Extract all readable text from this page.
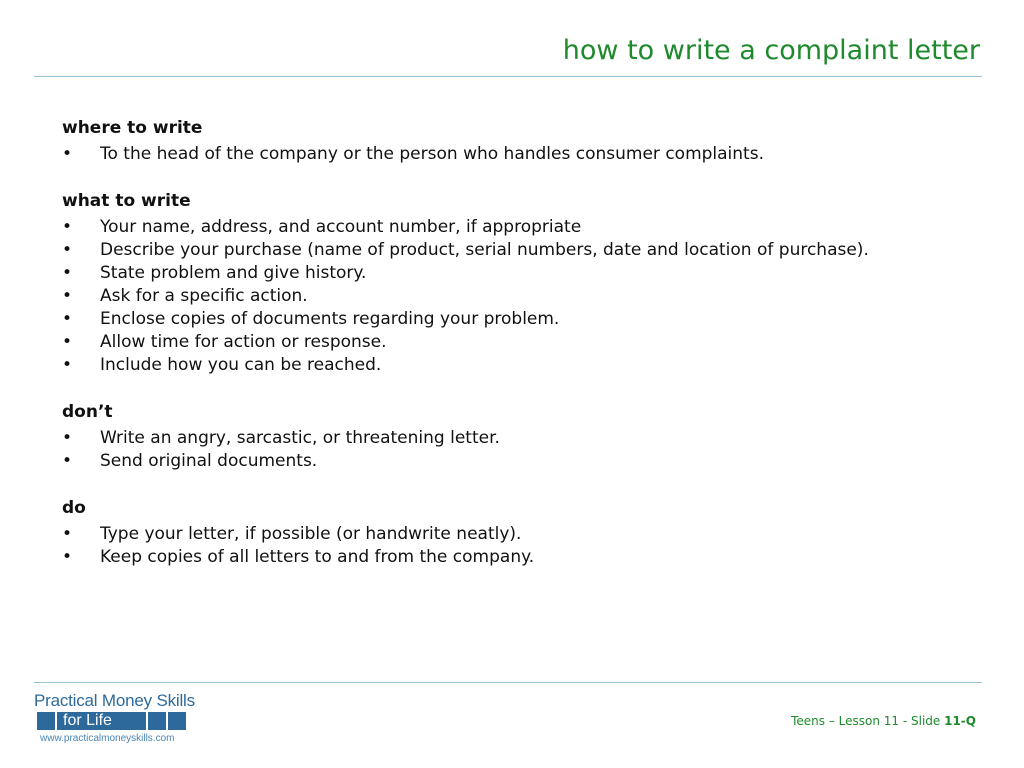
how to write a complaint letter
where to write
•	To the head of the company or the person who handles consumer complaints.
what to write
•	Your name, address, and account number, if appropriate
•	Describe your purchase (name of product, serial numbers, date and location of purchase).
•	State problem and give history.
•	Ask for a specific action.
•	Enclose copies of documents regarding your problem.
•	Allow time for action or response.
•	Include how you can be reached.
don’t
•	Write an angry, sarcastic, or threatening letter.
•	Send original documents.
do
•	Type your letter, if possible (or handwrite neatly).
•	Keep copies of all letters to and from the company.
Practical Money Skills
for Life
www.practicalmoneyskills.com
Teens – Lesson 11 - Slide 11-Q
